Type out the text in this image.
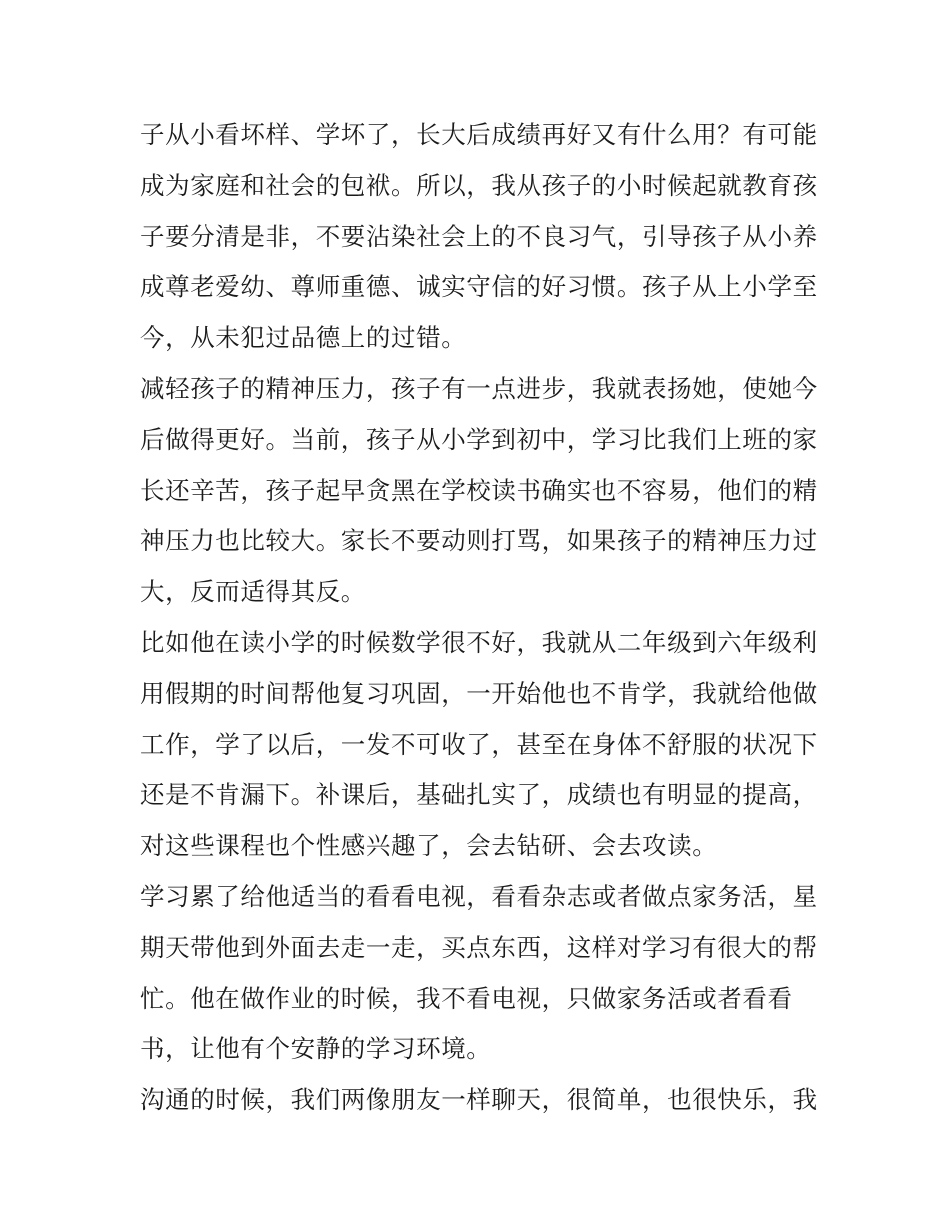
子从小看坏样、学坏了，长大后成绩再好又有什么用？有可能
成为家庭和社会的包袱。所以，我从孩子的小时候起就教育孩
子要分清是非，不要沾染社会上的不良习气，引导孩子从小养
成尊老爱幼、尊师重德、诚实守信的好习惯。孩子从上小学至
今，从未犯过品德上的过错。
减轻孩子的精神压力，孩子有一点进步，我就表扬她，使她今
后做得更好。当前，孩子从小学到初中，学习比我们上班的家
长还辛苦，孩子起早贪黑在学校读书确实也不容易，他们的精
神压力也比较大。家长不要动则打骂，如果孩子的精神压力过
大，反而适得其反。
比如他在读小学的时候数学很不好，我就从二年级到六年级利
用假期的时间帮他复习巩固，一开始他也不肯学，我就给他做
工作，学了以后，一发不可收了，甚至在身体不舒服的状况下
还是不肯漏下。补课后，基础扎实了，成绩也有明显的提高，
对这些课程也个性感兴趣了，会去钻研、会去攻读。
学习累了给他适当的看看电视，看看杂志或者做点家务活，星
期天带他到外面去走一走，买点东西，这样对学习有很大的帮
忙。他在做作业的时候，我不看电视，只做家务活或者看看
书，让他有个安静的学习环境。
沟通的时候，我们两像朋友一样聊天，很简单，也很快乐，我
